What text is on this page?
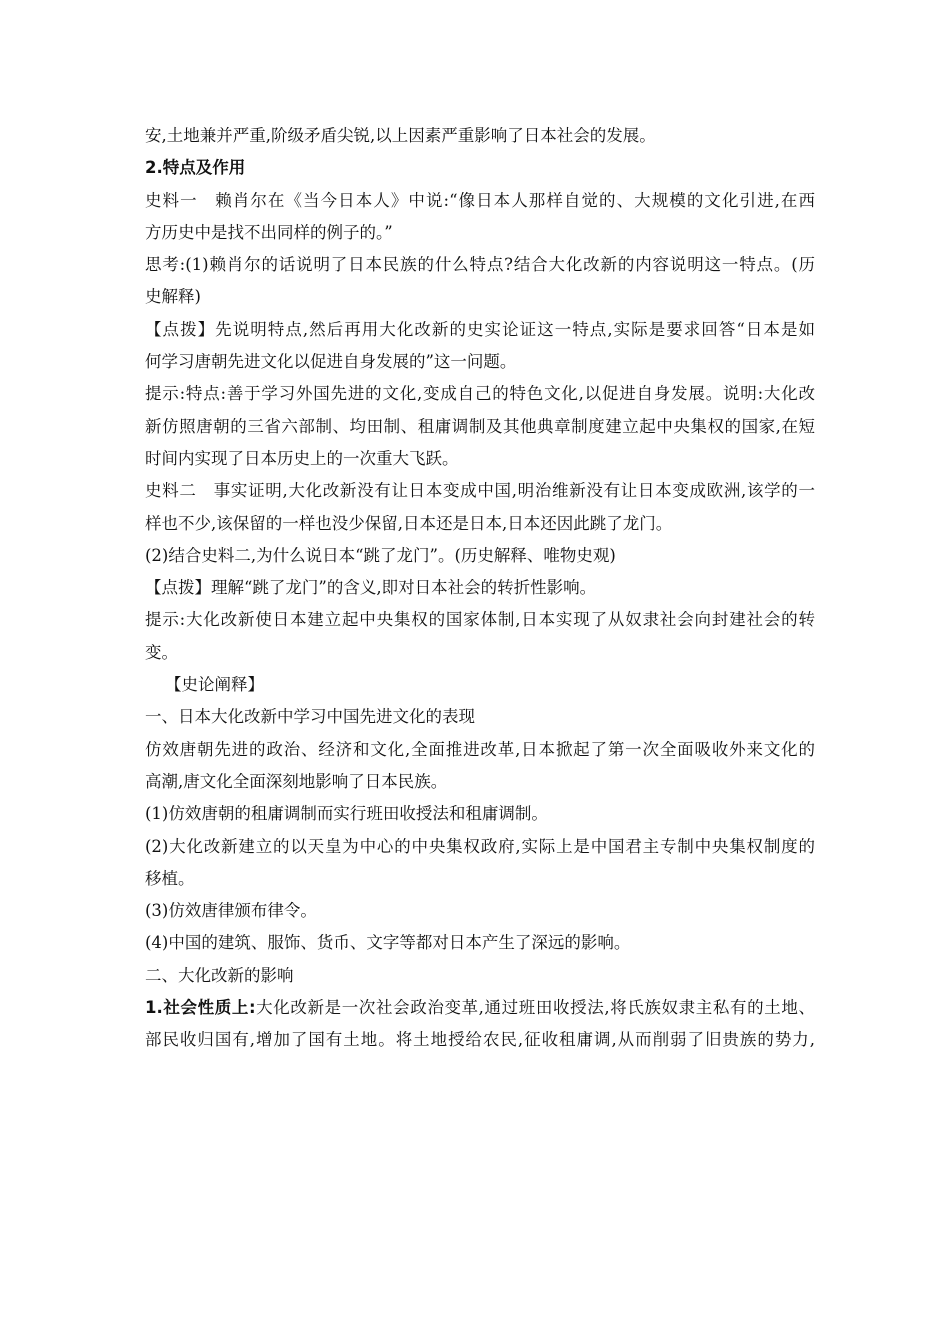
安,土地兼并严重,阶级矛盾尖锐,以上因素严重影响了日本社会的发展。
2.特点及作用
史料一　赖肖尔在《当今日本人》中说:“像日本人那样自觉的、大规模的文化引进,在西
方历史中是找不出同样的例子的。”
思考:(1)赖肖尔的话说明了日本民族的什么特点?结合大化改新的内容说明这一特点。(历
史解释)
【点拨】先说明特点,然后再用大化改新的史实论证这一特点,实际是要求回答“日本是如
何学习唐朝先进文化以促进自身发展的”这一问题。
提示:特点:善于学习外国先进的文化,变成自己的特色文化,以促进自身发展。说明:大化改
新仿照唐朝的三省六部制、均田制、租庸调制及其他典章制度建立起中央集权的国家,在短
时间内实现了日本历史上的一次重大飞跃。
史料二　事实证明,大化改新没有让日本变成中国,明治维新没有让日本变成欧洲,该学的一
样也不少,该保留的一样也没少保留,日本还是日本,日本还因此跳了龙门。
(2)结合史料二,为什么说日本“跳了龙门”。(历史解释、唯物史观)
【点拨】理解“跳了龙门”的含义,即对日本社会的转折性影响。
提示:大化改新使日本建立起中央集权的国家体制,日本实现了从奴隶社会向封建社会的转
变。
【史论阐释】
一、日本大化改新中学习中国先进文化的表现
仿效唐朝先进的政治、经济和文化,全面推进改革,日本掀起了第一次全面吸收外来文化的
高潮,唐文化全面深刻地影响了日本民族。
(1)仿效唐朝的租庸调制而实行班田收授法和租庸调制。
(2)大化改新建立的以天皇为中心的中央集权政府,实际上是中国君主专制中央集权制度的
移植。
(3)仿效唐律颁布律令。
(4)中国的建筑、服饰、货币、文字等都对日本产生了深远的影响。
二、大化改新的影响
1.社会性质上:大化改新是一次社会政治变革,通过班田收授法,将氏族奴隶主私有的土地、
部民收归国有,增加了国有土地。将土地授给农民,征收租庸调,从而削弱了旧贵族的势力,
